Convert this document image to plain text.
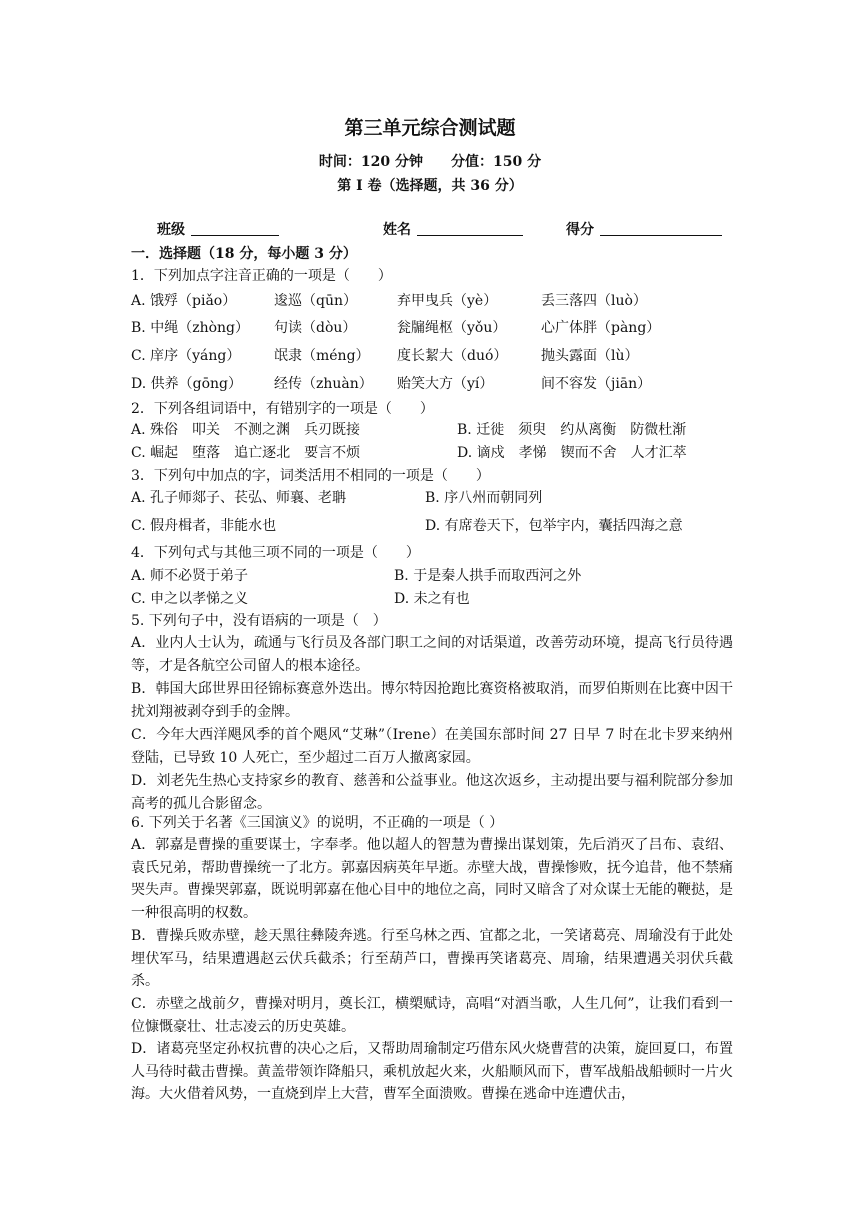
第三单元综合测试题
时间：120 分钟　　分值：150 分
第 I 卷（选择题，共 36 分）
班级	姓名	得分
一．选择题（18 分，每小题 3 分）
1．下列加点字注音正确的一项是（　　）
A. 饿殍（piǎo）	逡巡（qūn）	弃甲曳兵（yè）	丢三落四（luò）
B. 中绳（zhòng） 句读（dòu）	瓮牖绳枢（yǒu） 心广体胖（pàng）
C. 庠序（yáng） 氓隶（méng） 度长絜大（duó） 抛头露面（lù）
D. 供养（gōng） 经传（zhuàn） 贻笑大方（yí）	间不容发（jiān）
2．下列各组词语中，有错别字的一项是（　　）
A. 殊俗　叩关　不测之渊　兵刃既接	B. 迁徙　须臾　约从离衡　防微杜渐
C. 崛起　堕落　追亡逐北　要言不烦	D. 谪戍　孝悌　锲而不舍　人才汇萃
3．下列句中加点的字，词类活用不相同的一项是（　　）
A. 孔子师郯子、苌弘、师襄、老聃	B. 序八州而朝同列
C. 假舟楫者，非能水也	D. 有席卷天下，包举宇内，囊括四海之意
4．下列句式与其他三项不同的一项是（　　）
A. 师不必贤于弟子	B. 于是秦人拱手而取西河之外
C. 申之以孝悌之义	D. 未之有也
5. 下列句子中，没有语病的一项是（　）
A．业内人士认为，疏通与飞行员及各部门职工之间的对话渠道，改善劳动环境，提高飞行员待遇等，才是各航空公司留人的根本途径。
B．韩国大邱世界田径锦标赛意外迭出。博尔特因抢跑比赛资格被取消，而罗伯斯则在比赛中因干扰刘翔被剥夺到手的金牌。
C．今年大西洋飓风季的首个飓风“艾琳”（Irene）在美国东部时间 27 日早 7 时在北卡罗来纳州登陆，已导致 10 人死亡，至少超过二百万人撤离家园。
D．刘老先生热心支持家乡的教育、慈善和公益事业。他这次返乡，主动提出要与福利院部分参加高考的孤儿合影留念。
6. 下列关于名著《三国演义》的说明，不正确的一项是（ ）
A．郭嘉是曹操的重要谋士，字奉孝。他以超人的智慧为曹操出谋划策，先后消灭了吕布、袁绍、袁氏兄弟，帮助曹操统一了北方。郭嘉因病英年早逝。赤壁大战，曹操惨败，抚今追昔，他不禁痛哭失声。曹操哭郭嘉，既说明郭嘉在他心目中的地位之高，同时又暗含了对众谋士无能的鞭挞，是一种很高明的权数。
B．曹操兵败赤壁，趁天黑往彝陵奔逃。行至乌林之西、宜都之北，一笑诸葛亮、周瑜没有于此处埋伏军马，结果遭遇赵云伏兵截杀；行至葫芦口，曹操再笑诸葛亮、周瑜，结果遭遇关羽伏兵截杀。
C．赤壁之战前夕，曹操对明月，奠长江，横槊赋诗，高唱“对酒当歌，人生几何”，让我们看到一位慷慨豪壮、壮志凌云的历史英雄。
D．诸葛亮坚定孙权抗曹的决心之后，又帮助周瑜制定巧借东风火烧曹营的决策，旋回夏口，布置人马待时截击曹操。黄盖带领诈降船只，乘机放起火来，火船顺风而下，曹军战船战船顿时一片火海。大火借着风势，一直烧到岸上大营，曹军全面溃败。曹操在逃命中连遭伏击，
